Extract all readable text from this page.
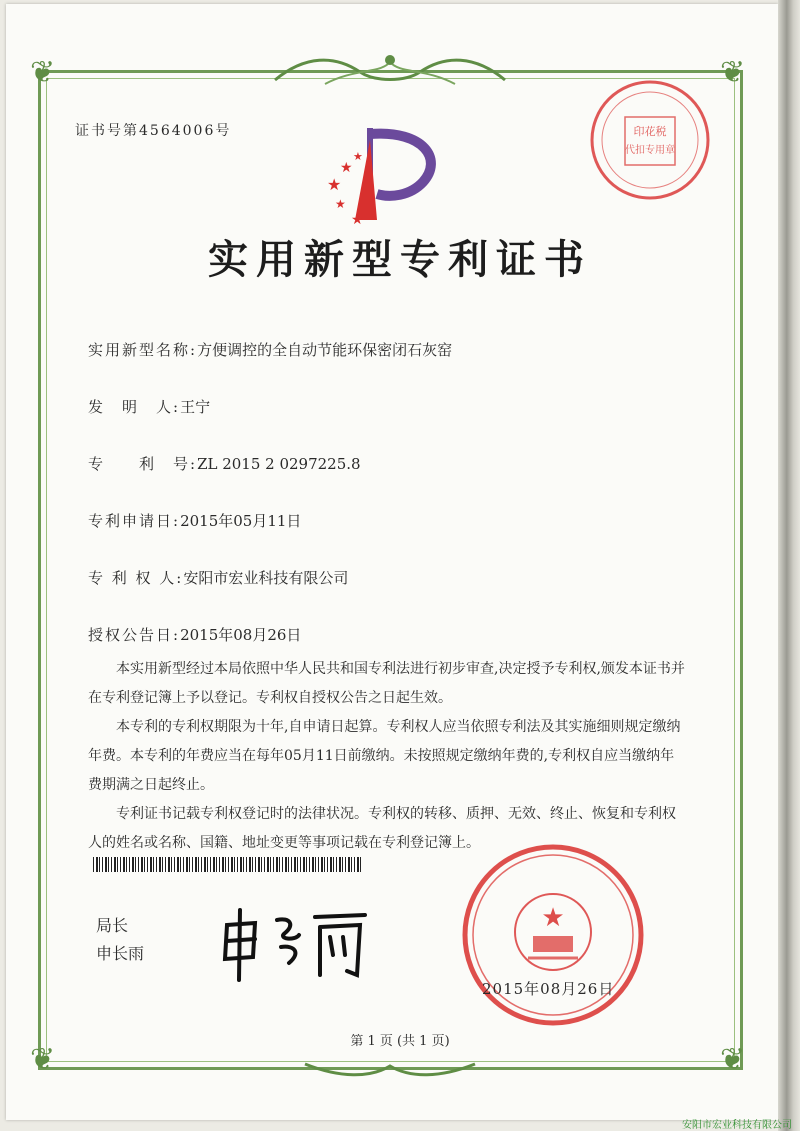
❦	❦
❦	❦
证书号第4564006号
★
★
★
★
★
印花税
代扣专用章
实用新型专利证书
实用新型名称:方便调控的全自动节能环保密闭石灰窑
发　明　人:王宁
专　　利　号:ZL 2015 2 0297225.8
专利申请日:2015年05月11日
专 利 权 人:安阳市宏业科技有限公司
授权公告日:2015年08月26日

本实用新型经过本局依照中华人民共和国专利法进行初步审查,决定授予专利权,颁发本证书并在专利登记簿上予以登记。专利权自授权公告之日起生效。

本专利的专利权期限为十年,自申请日起算。专利权人应当依照专利法及其实施细则规定缴纳年费。本专利的年费应当在每年05月11日前缴纳。未按照规定缴纳年费的,专利权自应当缴纳年费期满之日起终止。

专利证书记载专利权登记时的法律状况。专利权的转移、质押、无效、终止、恢复和专利权人的姓名或名称、国籍、地址变更等事项记载在专利登记簿上。

局长
申长雨
★
2015年08月26日
第 1 页 (共 1 页)
安阳市宏业科技有限公司
